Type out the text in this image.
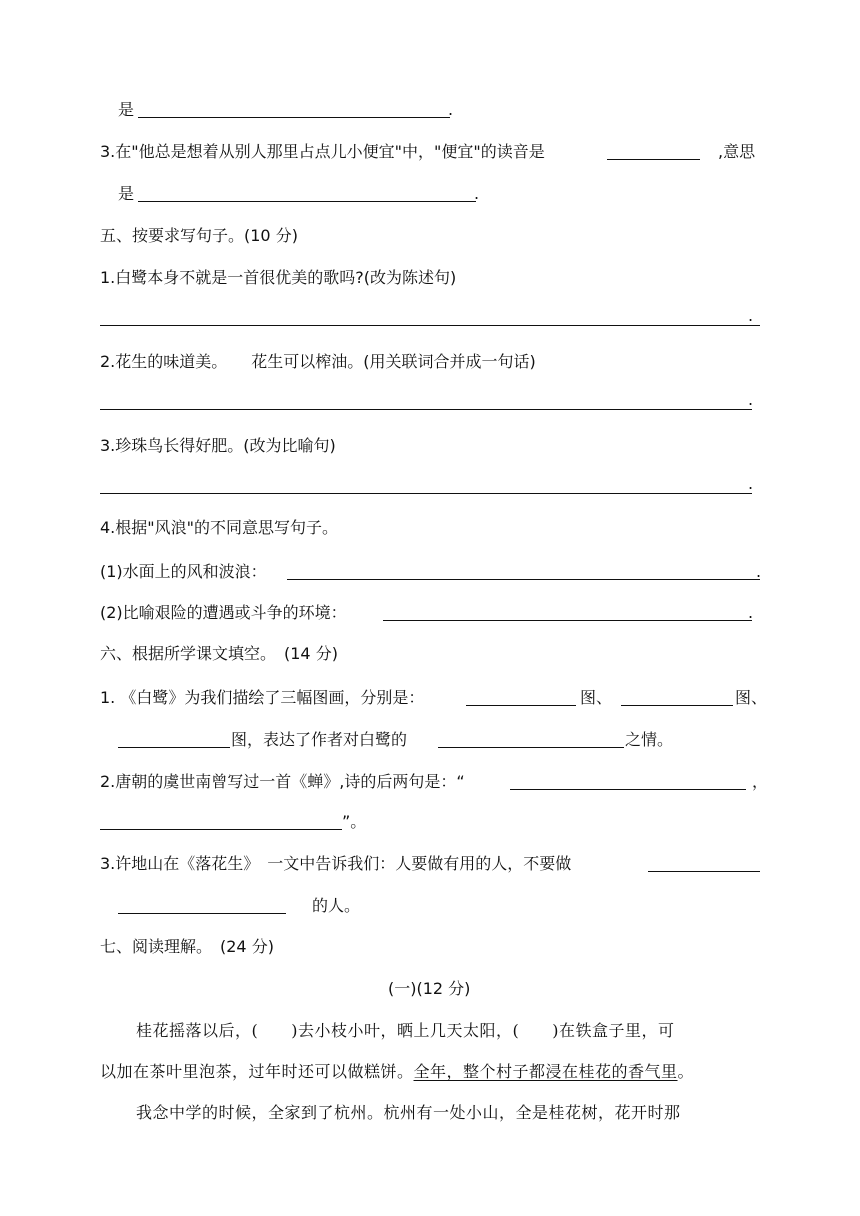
是	.
3.在"他总是想着从别人那里占点儿小便宜"中，"便宜"的读音是	,意思
是	.
五、按要求写句子。(10 分)
1.白鹭本身不就是一首很优美的歌吗?(改为陈述句)
.
2.花生的味道美。　　花生可以榨油。(用关联词合并成一句话)
.
3.珍珠鸟长得好肥。(改为比喻句)
.
4.根据"风浪"的不同意思写句子。
(1)水面上的风和波浪：	.
(2)比喻艰险的遭遇或斗争的环境：	.
六、根据所学课文填空。　(14 分)
1. 《白鹭》为我们描绘了三幅图画，分别是：	图、	图、
图，表达了作者对白鹭的	之情。
2.唐朝的虞世南曾写过一首《蝉》,诗的后两句是：“	，
”。
3.许地山在《落花生》　一文中告诉我们：人要做有用的人，不要做
的人。
七、阅读理解。　(24 分)
(一)(12 分)
桂花摇落以后，(　　)去小枝小叶，晒上几天太阳，(　　)在铁盒子里，可
以加在茶叶里泡茶，过年时还可以做糕饼。全年，整个村子都浸在桂花的香气里。
我念中学的时候，全家到了杭州。杭州有一处小山，全是桂花树，花开时那
